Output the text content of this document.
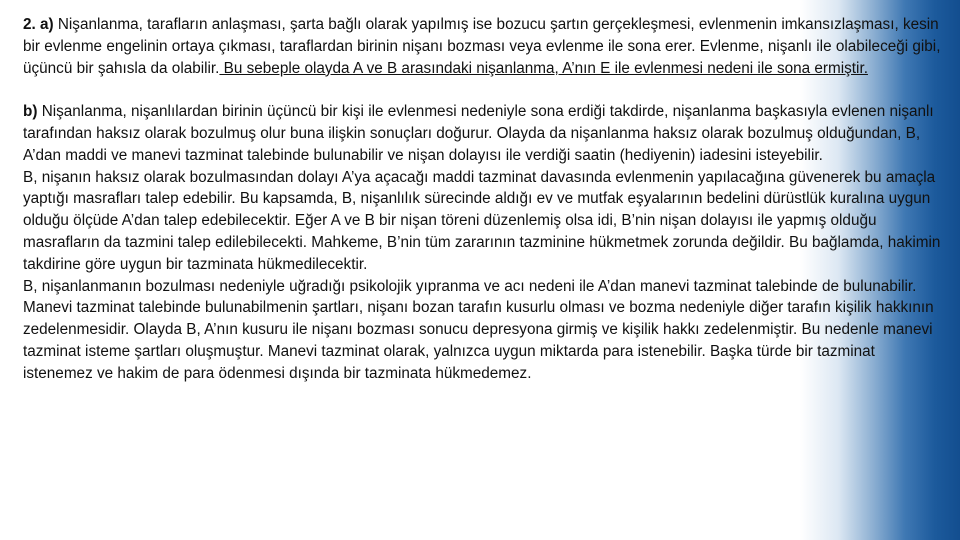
2. a) Nişanlanma, tarafların anlaşması, şarta bağlı olarak yapılmış ise bozucu şartın gerçekleşmesi, evlenmenin imkansızlaşması, kesin bir evlenme engelinin ortaya çıkması, taraflardan birinin nişanı bozması veya evlenme ile sona erer. Evlenme, nişanlı ile olabileceği gibi, üçüncü bir şahısla da olabilir. Bu sebeple olayda A ve B arasındaki nişanlanma, A’nın E ile evlenmesi nedeni ile sona ermiştir.

b) Nişanlanma, nişanlılardan birinin üçüncü bir kişi ile evlenmesi nedeniyle sona erdiği takdirde, nişanlanma başkasıyla evlenen nişanlı tarafından haksız olarak bozulmuş olur buna ilişkin sonuçları doğurur. Olayda da nişanlanma haksız olarak bozulmuş olduğundan, B, A’dan maddi ve manevi tazminat talebinde bulunabilir ve nişan dolayısı ile verdiği saatin (hediyenin) iadesini isteyebilir.

B, nişanın haksız olarak bozulmasından dolayı A’ya açacağı maddi tazminat davasında evlenmenin yapılacağına güvenerek bu amaçla yaptığı masrafları talep edebilir. Bu kapsamda, B, nişanlılık sürecinde aldığı ev ve mutfak eşyalarının bedelini dürüstlük kuralına uygun olduğu ölçüde A’dan talep edebilecektir. Eğer A ve B bir nişan töreni düzenlemiş olsa idi, B’nin nişan dolayısı ile yapmış olduğu masrafların da tazmini talep edilebilecekti. Mahkeme, B’nin tüm zararının tazminine hükmetmek zorunda değildir. Bu bağlamda, hakimin takdirine göre uygun bir tazminata hükmedilecektir.

B, nişanlanmanın bozulması nedeniyle uğradığı psikolojik yıpranma ve acı nedeni ile A’dan manevi tazminat talebinde de bulunabilir. Manevi tazminat talebinde bulunabilmenin şartları, nişanı bozan tarafın kusurlu olması ve bozma nedeniyle diğer tarafın kişilik hakkının zedelenmesidir. Olayda B, A’nın kusuru ile nişanı bozması sonucu depresyona girmiş ve kişilik hakkı zedelenmiştir. Bu nedenle manevi tazminat isteme şartları oluşmuştur. Manevi tazminat olarak, yalnızca uygun miktarda para istenebilir. Başka türde bir tazminat istenemez ve hakim de para ödenmesi dışında bir tazminata hükmedemez.
